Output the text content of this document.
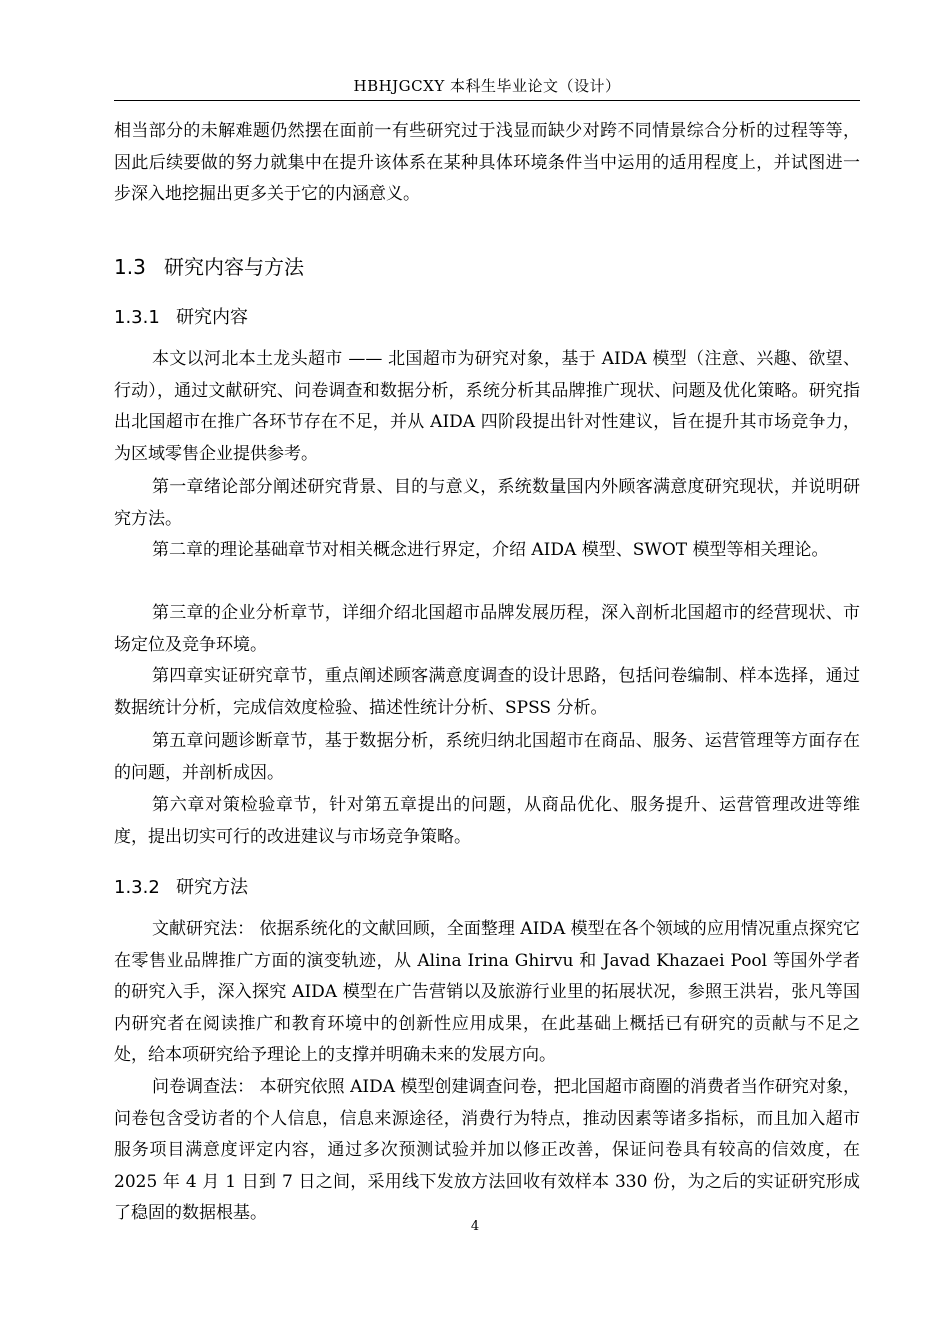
HBHJGCXY 本科生毕业论文（设计）

相当部分的未解难题仍然摆在面前一有些研究过于浅显而缺少对跨不同情景综合分析的过程等等，因此后续要做的努力就集中在提升该体系在某种具体环境条件当中运用的适用程度上，并试图进一步深入地挖掘出更多关于它的内涵意义。

1.3 研究内容与方法
1.3.1 研究内容

本文以河北本土龙头超市 —— 北国超市为研究对象，基于 AIDA 模型（注意、兴趣、欲望、行动），通过文献研究、问卷调查和数据分析，系统分析其品牌推广现状、问题及优化策略。研究指出北国超市在推广各环节存在不足，并从 AIDA 四阶段提出针对性建议，旨在提升其市场竞争力，为区域零售企业提供参考。

第一章绪论部分阐述研究背景、目的与意义，系统数量国内外顾客满意度研究现状，并说明研究方法。

第二章的理论基础章节对相关概念进行界定，介绍 AIDA 模型、SWOT 模型等相关理论。

第三章的企业分析章节，详细介绍北国超市品牌发展历程，深入剖析北国超市的经营现状、市场定位及竞争环境。

第四章实证研究章节，重点阐述顾客满意度调查的设计思路，包括问卷编制、样本选择，通过数据统计分析，完成信效度检验、描述性统计分析、SPSS 分析。

第五章问题诊断章节，基于数据分析，系统归纳北国超市在商品、服务、运营管理等方面存在的问题，并剖析成因。

第六章对策检验章节，针对第五章提出的问题，从商品优化、服务提升、运营管理改进等维度，提出切实可行的改进建议与市场竞争策略。

1.3.2 研究方法

文献研究法： 依据系统化的文献回顾，全面整理 AIDA 模型在各个领域的应用情况重点探究它在零售业品牌推广方面的演变轨迹，从 Alina Irina Ghirvu 和 Javad Khazaei Pool 等国外学者的研究入手，深入探究 AIDA 模型在广告营销以及旅游行业里的拓展状况，参照王洪岩，张凡等国内研究者在阅读推广和教育环境中的创新性应用成果，在此基础上概括已有研究的贡献与不足之处，给本项研究给予理论上的支撑并明确未来的发展方向。

问卷调查法： 本研究依照 AIDA 模型创建调查问卷，把北国超市商圈的消费者当作研究对象，问卷包含受访者的个人信息，信息来源途径，消费行为特点，推动因素等诸多指标，而且加入超市服务项目满意度评定内容，通过多次预测试验并加以修正改善，保证问卷具有较高的信效度，在 2025 年 4 月 1 日到 7 日之间，采用线下发放方法回收有效样本 330 份，为之后的实证研究形成了稳固的数据根基。

4
